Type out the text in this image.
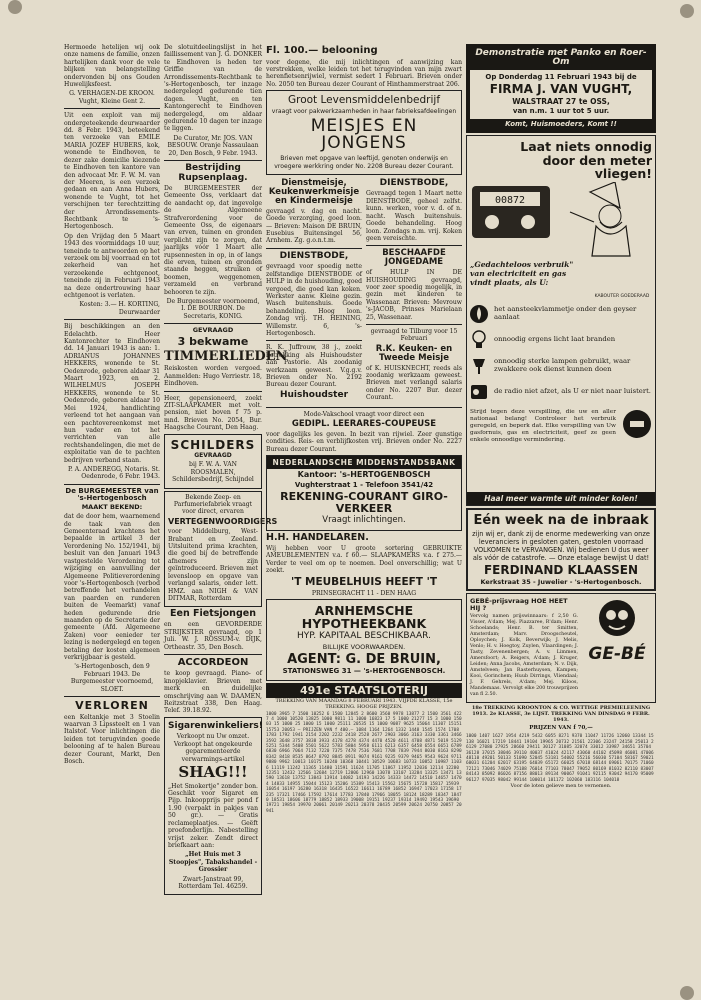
Hermoede hetelijen wij ook onze namens de familie, onzen hartelijken dank voor de vele blijken van belangstelling ondervonden bij ons Gouden Huwelijksfeest.

G. VERHAGEN-DE KROON. Vught, Kleine Gent 2.

Uit een exploit van mij ondergeteekende deurwaarder dd. 8 Febr. 1943, beteekend ten verzoeke van EMILE MARIA JOZEF HUBERS, kok, wonende te Eindhoven, te dezer zake domicilie kiezende te Eindhoven ten kantore van den advocaat Mr. F. W. M. van der Meeren, is een verzoek gedaan en aan Anna Hubers, wonende te Vught, tot het verschijnen ter terechtzitting der Arrondissements-Rechtbank te 's-Hertogenbosch.

Op den Vrijdag den 5 Maart 1943 des voormiddags 10 uur, teneinde te antwoorden op het verzoek om bij voorraad en tot zekerheid van het verzoekende echtgenoot, teneinde zij in Februari 1943 na deze ondertrouwing haar echtgenoot is verlaten.

Kosten: 3.— H. KORTING, Deurwaarder

Bij beschikkingen an den Edelachtb. Heer Kantonrechter te Eindhoven dd. 14 Januari 1943 is aan: 1. ADRIANUS JOHANNES HEKKERS, wonende te St. Oedenrode, geboren aldaar 31 Maart 1923, en 2. WILHELMUS JOSEPH HEKKERS, wonende te St. Oedenrode, geboren aldaar 10 Mei 1924, handlichting verleend tot het aangaan van een pachtovereenkomst met hun vader en tot het verrichten van alle rechtshandelingen, die met de exploitatie van de te pachten bedrijven verband staan.

P. A. ANDEREGG, Notaris. St. Oedenrode, 6 Febr. 1943.

De BURGEMEESTER van 's-Hertogenbosch
MAAKT BEKEND:

dat de door hem, waarnemend de taak van den Gemeenteraad krachtens het bepaalde in artikel 3 der Verordening No. 152/1941, bij besluit van den Januari 1943 vastgestelde Verordening tot wijziging en aanvulling der Algemeene Politieverordening voor 's-Hertogenbosch (verbod betreffende het verhandelen van paarden en runderen buiten de Veemarkt) vanaf heden gedurende drie maanden op de Secretarie der gemeente (Afd. Algemeene Zaken) voor eenieder ter lezing is nedergelegd en tegen betaling der kosten algemeen verkrijgbaar is gesteld.

's-Hertogenbosch, den 9 Februari 1943. De Burgemeester voornoemd, SLOET.

VERLOREN

een Keltankje met 3 Stoelin waarvan 3 Lipssteelt en 1 van Italstof. Voor inlichtingen die leiden tot terugvinden goede belooning af te halen Bureau dezer Courant, Markt, Den Bosch.

De slotuitdeelingslijst in het faillissement van J. G. DONKER te Eindhoven is heden ter Griffie van de Arrondissements-Rechtbank te 's-Hertogenbosch, ter inzage nedergelegd gedurende tien dagen. Vught, en ten Kantongerecht te Eindhoven nedergelegd, om aldaar gedurende 10 dagen ter inzage te liggen.

De Curator, Mr. JOS. VAN BESOUW. Oranje Nassaulaan 20, Den Bosch, 9 Febr. 1943.

Bestrijding Rupsenplaag.

De BURGEMEESTER der Gemeente Oss, verklaart dat de aandacht op, dat ingevolge de Algemeene Strafverordening voor de Gemeente Oss, de eigenaars van erven, tuinen en gronden verplicht zijn te zorgen, dat jaarlijks vóór 1 Maart alle rupsennesten in op, in of langs die erven, tuinen en gronden staande heggen, struiken of boomen, weggenomen, verzameld en verbrand behooren te zijn.

De Burgemeester voornoemd, I. DE BOURBON. De Secretaris, KONIG.

GEVRAAGD
3 bekwame
TIMMERLIEDEN

Reiskosten worden vergoed. Aanmelden: Hugo Verriestr. 18, Eindhoven.

Heer, gepensioneerd, zoekt ZIT-SLAAPKAMER met volt. pension, niet boven f 75 p. mnd. Brieven No. 2054, Bur. Haagsche Courant, Den Haag.

SCHILDERS
GEVRAAGD

bij F. W. A. VAN ROOSMALEN, Schildersbedrijf, Schijndel

Bekende Zeep- en Parfumeriefabriek vraagt voor direct, ervaren

VERTEGENWOORDIGERS

voor Middelburg, West-Brabant en Zeeland. Uitsluitend prima krachten, die goed bij de betreffende afnemers zijn geïntroduceerd. Brieven met levensloop en opgave van verlangd salaris, onder lett. HMZ. aan NIGH & VAN DITMAR, Rotterdam

Een Fietsjongen

en een GEVORDERDE STRIJKSTER gevraagd, op 1 Juli. W. J. ROSSUM-v. DIJK, Ortheastr. 35, Den Bosch.

ACCORDEON

te koop gevraagd. Piano- of knopjeklavier. Brieven met merk en duidelijke omschrijving aan W. DAAMEN, Reitzstraat 338, Den Haag. Telef. 39.18.92.

Sigarenwinkeliers!

Verkoopt nu Uw omzet. Verkoopt hat ongekeurde geparementeerde verwarmings-artikel

SHAG!!!

„Het Smokertje" zonder bon. Geschikt voor Sigaret en Pijp. Inkoopprijs per pond f 1.90 (verpakt in pakjes van 50 gr.). — Gratis reclameplaatjes. — Geëft proefonderlijn. Nabestelling vrijst zeker. Zendt direct briefkaart aan:

„Het Huis met 3 Stoopjes", Tabakshandel - Grossier

Zwart-Janstraat 99, Rotterdam Tel. 46259.

Fl. 100.— belooning

voor degene, die mij inlichtingen of aanwijzing kan verstrekken, welke leiden tot het terugvinden van mijn zwart herenfietsenrijwiel, vermist sedert 1 Februari. Brieven onder No. 2050 ten Bureau dezer Courant of Hinthammerstraat 206.

Groot Levensmiddelenbedrijf

vraagt voor pakwerkzaamheden in haar fabrieksafdeelingen

MEISJES EN JONGENS

Brieven met opgave van leeftijd, genoten onderwijs en vroegere werkkring onder No. 2208 Bureau dezer Courant.

Dienstmeisje, Keukenwerkmeisje en Kindermeisje

gevraagd v. dag en nacht. Goede verzorging, goed loon. — Brieven: Maison DE BRUIN, Eusebius Buitensingel 56, Arnhem. Zg. g.o.n.t.m.

DIENSTBODE,

gevraagd voor spoedig nette zelfstandige DIENSTBODE of HULP in de huishouding, goed vergoed, die goed kan koken. Werkster aanw. Kleine gezin. Wasch buitenshuis. Goede behandeling. Hoog loon. Zondag vrij. TH. HEINING, Willemstr. 6, 's-Hertogenbosch.

R. K. Juffrouw, 38 j., zoekt betrekking als Huishoudster aan Pastorie. Als zoodanig werkzaam geweest. V.g.g.v. Brieven onder No. 2192 Bureau dezer Courant.

Huishoudster
DIENSTBODE,

Gevraagd tegen 1 Maart nette DIENSTBODE, geheel zelfst. kunn. werken, voor v. d. of n. nacht. Wasch buitenshuis. Goede behandeling. Hoog loon. Zondags n.m. vrij. Koken geen vereischte.

BESCHAAFDE JONGEDAME

of HULP IN DE HUISHOUDING gevraagd, voor zeer spoedig mogelijk, in gezin met kinderen te Wassenaar. Brieven: Mevrouw 's-JACOB, Prinses Marielaan 25, Wassenaar.

gevraagd te Tilburg voor 15 Februari

R.K. Keuken- en Tweede Meisje

of K. HUISKNECHT, reeds als zoodanig werkzaam geweest. Brieven met verlangd salaris onder No. 2207 Bur. dezer Courant.

Mode-Vakschool vraagt voor direct een

GEDIPL. LEERARES-COUPEUSE

voor dagelijks les geven. In bezit van rijwiel. Zeer gunstige condities. Reis- en verblijfkosten vrij. Brieven onder No. 2227 Bureau dezer Courant.

NEDERLANDSCHE MIDDENSTANDSBANK
Kantoor: 's-HERTOGENBOSCH
Vughterstraat 1 - Telefoon 3541/42
REKENING-COURANT GIRO-VERKEER
Vraagt inlichtingen.
H.H. HANDELAREN.

Wij hebben voor U groote sortering GEBRUIKTE AMEUBLEMENTEN v.a. f 60.— SLAAPKAMERS v.a. f 275.— Verder te veel om op te noemen. Doel onverschillig; wat U zoekt.

'T MEUBELHUIS HEEFT 'T

PRINSEGRACHT 11 - DEN HAAG

ARNHEMSCHE HYPOTHEEKBANK
HYP. KAPITAAL BESCHIKBAAR.
BILLIJKE VOORWAARDEN.
AGENT: G. DE BRUIN,
STATIONSWEG 31 — 's-HERTOGENBOSCH.
491e STAATSLOTERIJ

TREKKING VAN MAANDAG 8 FEBRUARI 1943. VIJFDE KLASSE, 15e TREKKING. HOOGE PRIJZEN.

1000 3965 7 1500 10252 6 1500 12845 2 8600 3560 9978 13877 2 1500 3561 4227 4 1000 10520 13825 1000 9811 11 1000 16823 17 5 1000 21277 15 3 1000 15003 15 1000 25 1000 15 1000 25111 20535 15 1000 9087 9625 15064 11307 15151 15753 20053 — PRIJZEN VAN f 400.— 1084 1164 1264 1332 1448 1545 1574 1708 1783 1792 1941 2154 2202 2232 2418 2528 2677 2903 3066 3163 3330 3361 3466 3592 3648 3757 3838 3933 4178 4278 4374 4470 4520 4611 4708 4871 5019 5129 5251 5344 5408 5501 5622 5783 5804 5958 6111 6213 6357 6458 6554 6651 6789 6830 6966 7064 7132 7220 7375 7478 7536 7681 7708 7839 7944 8030 8163 8290 8342 8418 8535 8647 8792 8845 8911 9074 9161 9235 9379 9465 9543 9624 9711 9880 9962 10013 10175 10240 10368 10441 10529 10683 10733 10852 10987 11036 11119 11242 11365 11480 11591 11624 11705 11867 11952 12036 12114 12280 12351 12432 12566 12684 12719 12806 12960 13078 13107 13284 13325 13471 13590 13618 13752 13843 13914 14082 14193 14226 14333 14472 14510 14657 14704 14833 14955 15044 15123 15206 15389 15413 15562 15675 15728 15817 15939 16054 16197 16280 16318 16435 16522 16611 16789 16852 16947 17023 17158 17235 17321 17466 17592 17614 17783 17840 17966 18055 18124 18289 18347 18470 18531 18606 18779 18852 18933 19008 19151 19237 19314 19492 19543 19690 19721 19854 19970 20061 20149 20213 20378 20435 20599 20624 20750 20857 20941
Demonstratie met Panko en Roer-Om
Op Donderdag 11 Februari 1943 bij de
FIRMA J. VAN VUGHT,
WALSTRAAT 27 te OSS,
van n.m. 1 uur tot 5 uur.
Komt, Huismoeders, Komt !!
Laat niets onnodig door den meter vliegen!
00872

„Gedachteloos verbruik" van electriciteit en gas vindt plaats, als U:

KABOUTER GOEDERAAD

het aansteekvlammetje onder den geyser aanlaat

onnoodig ergens licht laat branden

onnoodig sterke lampen gebruikt, waar zwakkere ook dienst kunnen doen

de radio niet afzet, als U er niet naar luistert.

Strijd tegen deze verspilling, die uw en aller nationaal belang! Controleer het verbruik geregeld, en beperk dat. Elke verspilling van Uw gasfornuis, gas en electriciteit, geef ze geen enkele onnoodige vermindering.

Haal meer warmte uit minder kolen!
Eén week na de inbraak

zijn wij er, dank zij de enorme medewerking van onze leveranciers in gesloten gaten, gestolen voorraad VOLKOMEN te VERVANGEN. Wij bedienen U dus weer als vóór de catastrofe. — Onze etalage bewijst U dat!

FERDINAND KLAASSEN
Kerkstraat 35 - Juwelier - 's-Hertogenbosch.
GEBÉ-prijsvraag HOE HEET HIJ ?

Vervolg namen prijswinnaars: f 2,50 G. Visser, A'dam; Mej. Piazzaree, R'dam; Henr. Schoelands; Henr. B. ter Smitten, Amsterdam; Marv. Droogscheutel, Oploychen; J. Kolk, Beverwijk; J. Melis, Venlo; H. v. Hoegtoy, Zuylen, Vlaardingen; J. Tasty, Zevenenbergen; A. v. Limmen, Amersfoort; A. Reigers, A'dam; J. Kruger, Leiden; Anna Jacobs, Amsterdam; N. v. Dijk, Amstelveen; Jan Rasterhuysen, Kampen; Kooi, Gorinchem; Huub Dirrings, Vliendaal; J. F. Gehrels, A'dam; Mej. Kiloos, Mandemaas. Vervolgt elke 200 trouwprijzen van fl 2.50.

GE-BÉ

18e TREKKING KROONTON & CO. WETTIGE PREMIELEENING 1913. 2e KLASSE, 3e LIJST. TREKKING VAN DINSDAG 9 FEBR. 1943.

PRIJZEN VAN f 70,—

1000 1407 1627 1954 4219 5432 6055 8271 9370 11047 11726 12060 13344 15138 16021 17219 18441 19104 19965 20732 21561 22306 23247 24158 25013 26129 27080 27925 28660 29411 30127 31085 32074 33012 33987 34651 35704 36128 37015 38046 39110 40037 41024 42117 43060 44102 45098 46081 47006 48110 49201 50133 51090 52045 53181 54002 55216 56030 57104 58167 59021 60031 61204 62017 63195 64039 65172 66025 67018 68144 69061 70175 71060 72121 73046 74029 75188 76014 77103 78047 79052 80169 81032 82110 83007 84143 85092 86026 87156 88013 89134 90067 91041 92115 93042 94170 95009 96127 97035 98042 99144 100014 101172 102060 103116 104018

Voor de loten gelieve men te vernemen.
